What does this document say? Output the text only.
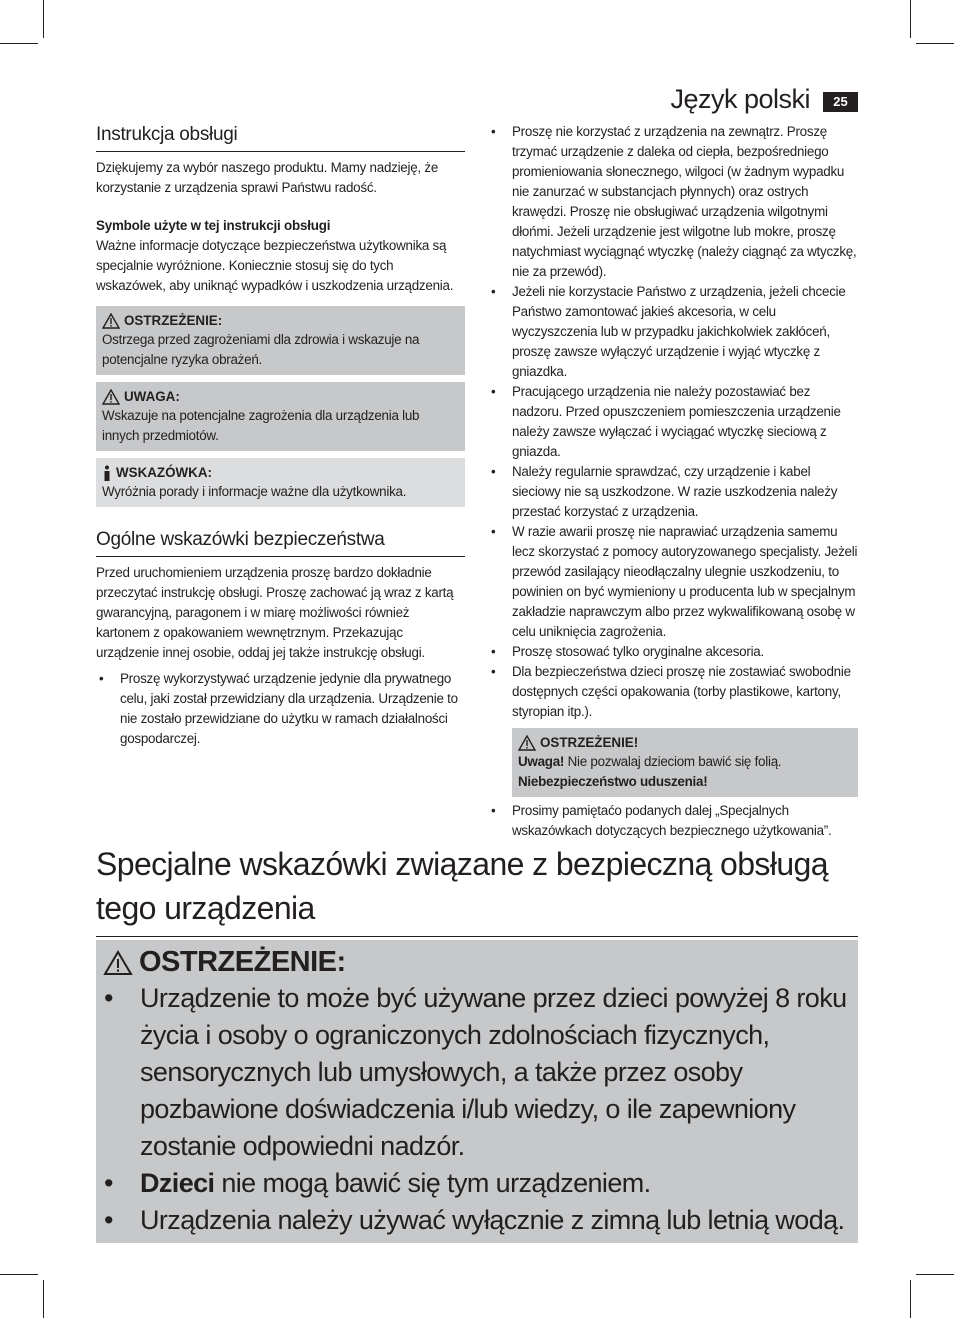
Język polski	25
Instrukcja obsługi

Dziękujemy za wybór naszego produktu. Mamy nadzieję, że korzystanie z urządzenia sprawi Państwu radość.

Symbole użyte w tej instrukcji obsługi

Ważne informacje dotyczące bezpieczeństwa użytkownika są specjalnie wyróżnione. Koniecznie stosuj się do tych wskazówek, aby uniknąć wypadków i uszkodzenia urządzenia.

OSTRZEŻENIE:
Ostrzega przed zagrożeniami dla zdrowia i wskazuje na potencjalne ryzyka obrażeń.
UWAGA:
Wskazuje na potencjalne zagrożenia dla urządzenia lub innych przedmiotów.
WSKAZÓWKA:
Wyróżnia porady i informacje ważne dla użytkownika.
Ogólne wskazówki bezpieczeństwa

Przed uruchomieniem urządzenia proszę bardzo dokładnie przeczytać instrukcję obsługi. Proszę zachować ją wraz z kartą gwarancyjną, paragonem i w miarę możliwości również kartonem z opakowaniem wewnętrznym. Przekazując urządzenie innej osobie, oddaj jej także instrukcję obsługi.

• Proszę wykorzystywać urządzenie jedynie dla prywatnego celu, jaki został przewidziany dla urządzenia. Urządzenie to nie zostało przewidziane do użytku w ramach działalności gospodarczej.
• Proszę nie korzystać z urządzenia na zewnątrz. Proszę trzymać urządzenie z daleka od ciepła, bezpośredniego promieniowania słonecznego, wilgoci (w żadnym wypadku nie zanurzać w substancjach płynnych) oraz ostrych krawędzi. Proszę nie obsługiwać urządzenia wilgotnymi dłońmi. Jeżeli urządzenie jest wilgotne lub mokre, proszę natychmiast wyciągnąć wtyczkę (należy ciągnąć za wtyczkę, nie za przewód).
• Jeżeli nie korzystacie Państwo z urządzenia, jeżeli chcecie Państwo zamontować jakieś akcesoria, w celu wyczyszczenia lub w przypadku jakichkolwiek zakłóceń, proszę zawsze wyłączyć urządzenie i wyjąć wtyczkę z gniazdka.
• Pracującego urządzenia nie należy pozostawiać bez nadzoru. Przed opuszczeniem pomieszczenia urządzenie należy zawsze wyłączać i wyciągać wtyczkę sieciową z gniazda.
• Należy regularnie sprawdzać, czy urządzenie i kabel sieciowy nie są uszkodzone. W razie uszkodzenia należy przestać korzystać z urządzenia.
• W razie awarii proszę nie naprawiać urządzenia samemu lecz skorzystać z pomocy autoryzowanego specjalisty. Jeżeli przewód zasilający nieodłączalny ulegnie uszkodzeniu, to powinien on być wymieniony u producenta lub w specjalnym zakładzie naprawczym albo przez wykwalifikowaną osobę w celu uniknięcia zagrożenia.
• Proszę stosować tylko oryginalne akcesoria.
• Dla bezpieczeństwa dzieci proszę nie zostawiać swobodnie dostępnych części opakowania (torby plastikowe, kartony, styropian itp.).
OSTRZEŻENIE!
Uwaga! Nie pozwalaj dzieciom bawić się folią. Niebezpieczeństwo uduszenia!
• Prosimy pamiętaćo podanych dalej „Specjalnych wskazówkach dotyczących bezpiecznego użytkowania”.
Specjalne wskazówki związane z bezpieczną obsługą tego urządzenia
OSTRZEŻENIE:
• Urządzenie to może być używane przez dzieci powyżej 8 roku życia i osoby o ograniczonych zdolnościach fizycznych, sensorycznych lub umysłowych, a także przez osoby pozbawione doświadczenia i/lub wiedzy, o ile zapewniony zostanie odpowiedni nadzór.
• Dzieci nie mogą bawić się tym urządzeniem.
• Urządzenia należy używać wyłącznie z zimną lub letnią wodą.
